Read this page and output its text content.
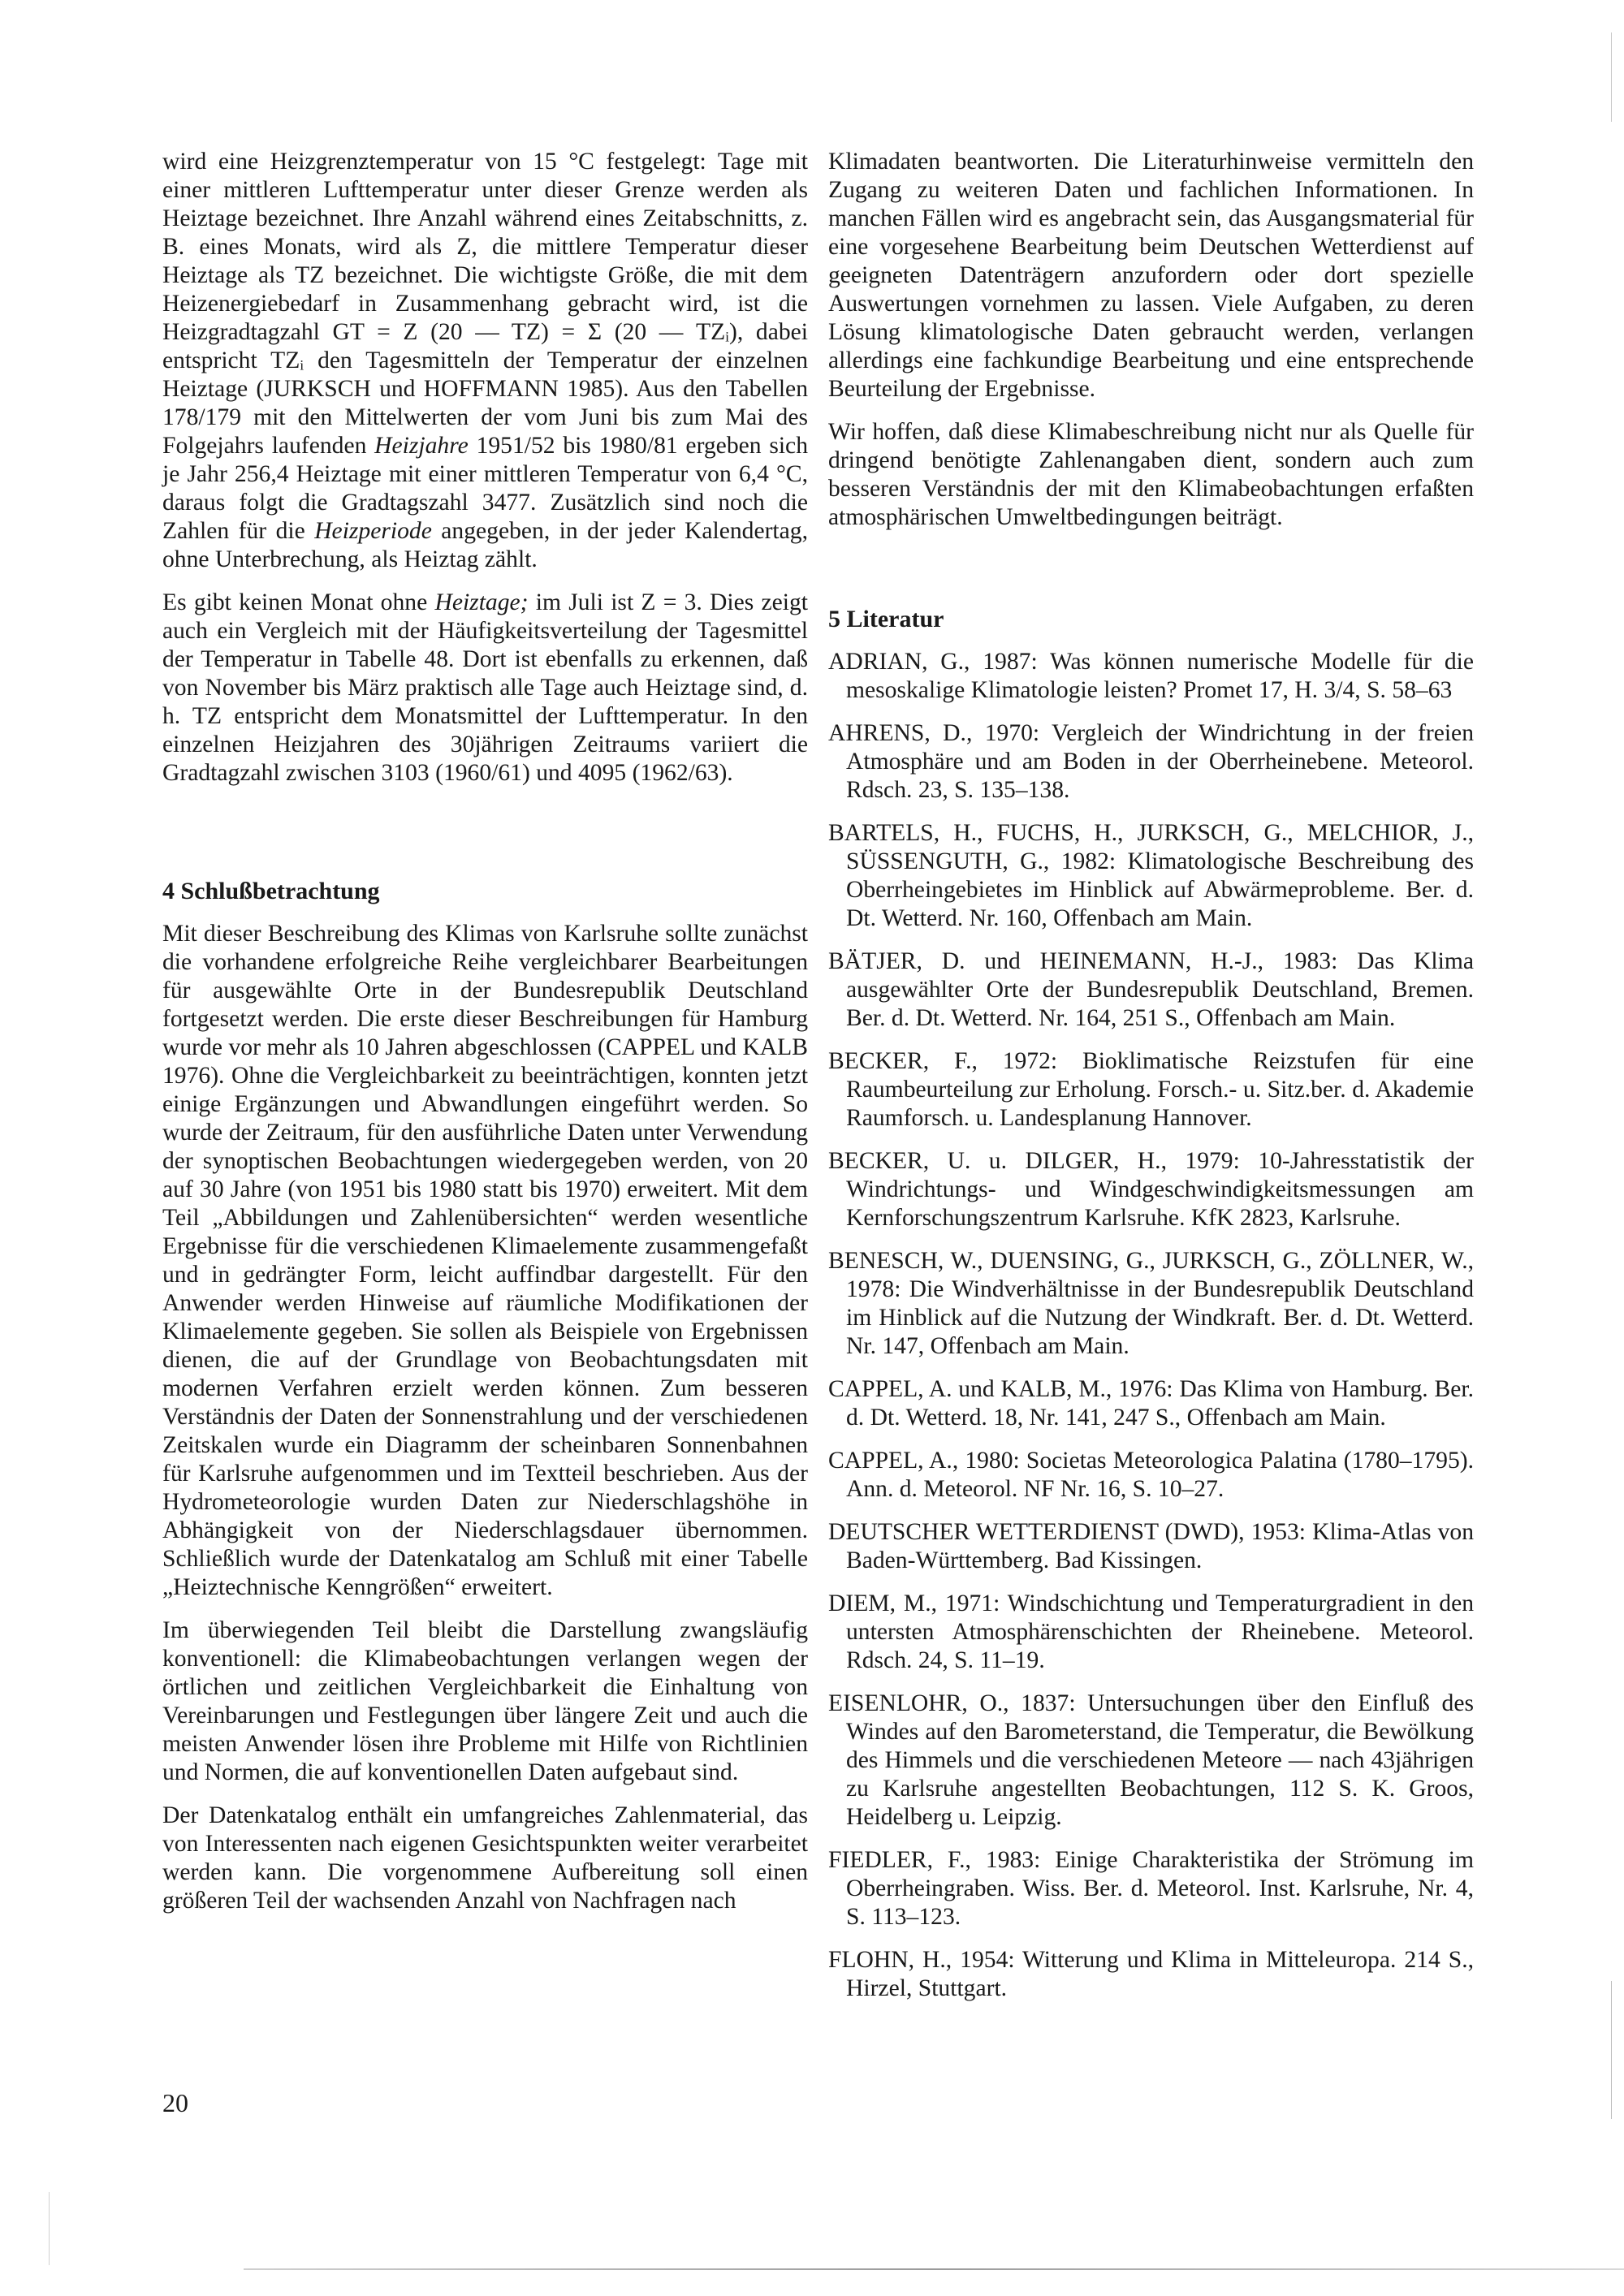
wird eine Heizgrenztemperatur von 15 °C festgelegt: Tage mit einer mittleren Lufttemperatur unter dieser Grenze werden als Heiztage bezeichnet. Ihre Anzahl während eines Zeitabschnitts, z. B. eines Monats, wird als Z, die mittlere Temperatur dieser Heiztage als TZ bezeichnet. Die wichtigste Größe, die mit dem Heizenergiebedarf in Zusammenhang gebracht wird, ist die Heizgradtagzahl GT = Z (20 — TZ) = Σ (20 — TZᵢ), dabei entspricht TZᵢ den Tagesmitteln der Temperatur der einzelnen Heiztage (JURKSCH und HOFFMANN 1985). Aus den Tabellen 178/179 mit den Mittelwerten der vom Juni bis zum Mai des Folgejahrs laufenden Heizjahre 1951/52 bis 1980/81 ergeben sich je Jahr 256,4 Heiztage mit einer mittleren Temperatur von 6,4 °C, daraus folgt die Gradtagszahl 3477. Zusätzlich sind noch die Zahlen für die Heizperiode angegeben, in der jeder Kalendertag, ohne Unterbrechung, als Heiztag zählt.

Es gibt keinen Monat ohne Heiztage; im Juli ist Z = 3. Dies zeigt auch ein Vergleich mit der Häufigkeitsverteilung der Tagesmittel der Temperatur in Tabelle 48. Dort ist ebenfalls zu erkennen, daß von November bis März praktisch alle Tage auch Heiztage sind, d. h. TZ entspricht dem Monatsmittel der Lufttemperatur. In den einzelnen Heizjahren des 30jährigen Zeitraums variiert die Gradtagzahl zwischen 3103 (1960/61) und 4095 (1962/63).

4 Schlußbetrachtung

Mit dieser Beschreibung des Klimas von Karlsruhe sollte zunächst die vorhandene erfolgreiche Reihe vergleichbarer Bearbeitungen für ausgewählte Orte in der Bundesrepublik Deutschland fortgesetzt werden. Die erste dieser Beschreibungen für Hamburg wurde vor mehr als 10 Jahren abgeschlossen (CAPPEL und KALB 1976). Ohne die Vergleichbarkeit zu beeinträchtigen, konnten jetzt einige Ergänzungen und Abwandlungen eingeführt werden. So wurde der Zeitraum, für den ausführliche Daten unter Verwendung der synoptischen Beobachtungen wiedergegeben werden, von 20 auf 30 Jahre (von 1951 bis 1980 statt bis 1970) erweitert. Mit dem Teil „Abbildungen und Zahlenübersichten“ werden wesentliche Ergebnisse für die verschiedenen Klimaelemente zusammengefaßt und in gedrängter Form, leicht auffindbar dargestellt. Für den Anwender werden Hinweise auf räumliche Modifikationen der Klimaelemente gegeben. Sie sollen als Beispiele von Ergebnissen dienen, die auf der Grundlage von Beobachtungsdaten mit modernen Verfahren erzielt werden können. Zum besseren Verständnis der Daten der Sonnenstrahlung und der verschiedenen Zeitskalen wurde ein Diagramm der scheinbaren Sonnenbahnen für Karlsruhe aufgenommen und im Textteil beschrieben. Aus der Hydrometeorologie wurden Daten zur Niederschlagshöhe in Abhängigkeit von der Niederschlagsdauer übernommen. Schließlich wurde der Datenkatalog am Schluß mit einer Tabelle „Heiztechnische Kenngrößen“ erweitert.

Im überwiegenden Teil bleibt die Darstellung zwangsläufig konventionell: die Klimabeobachtungen verlangen wegen der örtlichen und zeitlichen Vergleichbarkeit die Einhaltung von Vereinbarungen und Festlegungen über längere Zeit und auch die meisten Anwender lösen ihre Probleme mit Hilfe von Richtlinien und Normen, die auf konventionellen Daten aufgebaut sind.

Der Datenkatalog enthält ein umfangreiches Zahlenmaterial, das von Interessenten nach eigenen Gesichtspunkten weiter verarbeitet werden kann. Die vorgenommene Aufbereitung soll einen größeren Teil der wachsenden Anzahl von Nachfragen nach

Klimadaten beantworten. Die Literaturhinweise vermitteln den Zugang zu weiteren Daten und fachlichen Informationen. In manchen Fällen wird es angebracht sein, das Ausgangsmaterial für eine vorgesehene Bearbeitung beim Deutschen Wetterdienst auf geeigneten Datenträgern anzufordern oder dort spezielle Auswertungen vornehmen zu lassen. Viele Aufgaben, zu deren Lösung klimatologische Daten gebraucht werden, verlangen allerdings eine fachkundige Bearbeitung und eine entsprechende Beurteilung der Ergebnisse.

Wir hoffen, daß diese Klimabeschreibung nicht nur als Quelle für dringend benötigte Zahlenangaben dient, sondern auch zum besseren Verständnis der mit den Klimabeobachtungen erfaßten atmosphärischen Umweltbedingungen beiträgt.

5 Literatur

ADRIAN, G., 1987: Was können numerische Modelle für die mesoskalige Klimatologie leisten? Promet 17, H. 3/4, S. 58–63

AHRENS, D., 1970: Vergleich der Windrichtung in der freien Atmosphäre und am Boden in der Oberrheinebene. Meteorol. Rdsch. 23, S. 135–138.

BARTELS, H., FUCHS, H., JURKSCH, G., MELCHIOR, J., SÜSSENGUTH, G., 1982: Klimatologische Beschreibung des Oberrheingebietes im Hinblick auf Abwärmeprobleme. Ber. d. Dt. Wetterd. Nr. 160, Offenbach am Main.

BÄTJER, D. und HEINEMANN, H.-J., 1983: Das Klima ausgewählter Orte der Bundesrepublik Deutschland, Bremen. Ber. d. Dt. Wetterd. Nr. 164, 251 S., Offenbach am Main.

BECKER, F., 1972: Bioklimatische Reizstufen für eine Raumbeurteilung zur Erholung. Forsch.- u. Sitz.ber. d. Akademie Raumforsch. u. Landesplanung Hannover.

BECKER, U. u. DILGER, H., 1979: 10-Jahresstatistik der Windrichtungs- und Windgeschwindigkeitsmessungen am Kernforschungszentrum Karlsruhe. KfK 2823, Karlsruhe.

BENESCH, W., DUENSING, G., JURKSCH, G., ZÖLLNER, W., 1978: Die Windverhältnisse in der Bundesrepublik Deutschland im Hinblick auf die Nutzung der Windkraft. Ber. d. Dt. Wetterd. Nr. 147, Offenbach am Main.

CAPPEL, A. und KALB, M., 1976: Das Klima von Hamburg. Ber. d. Dt. Wetterd. 18, Nr. 141, 247 S., Offenbach am Main.

CAPPEL, A., 1980: Societas Meteorologica Palatina (1780–1795). Ann. d. Meteorol. NF Nr. 16, S. 10–27.

DEUTSCHER WETTERDIENST (DWD), 1953: Klima-Atlas von Baden-Württemberg. Bad Kissingen.

DIEM, M., 1971: Windschichtung und Temperaturgradient in den untersten Atmosphärenschichten der Rheinebene. Meteorol. Rdsch. 24, S. 11–19.

EISENLOHR, O., 1837: Untersuchungen über den Einfluß des Windes auf den Barometerstand, die Temperatur, die Bewölkung des Himmels und die verschiedenen Meteore — nach 43jährigen zu Karlsruhe angestellten Beobachtungen, 112 S. K. Groos, Heidelberg u. Leipzig.

FIEDLER, F., 1983: Einige Charakteristika der Strömung im Oberrheingraben. Wiss. Ber. d. Meteorol. Inst. Karlsruhe, Nr. 4, S. 113–123.

FLOHN, H., 1954: Witterung und Klima in Mitteleuropa. 214 S., Hirzel, Stuttgart.

20
